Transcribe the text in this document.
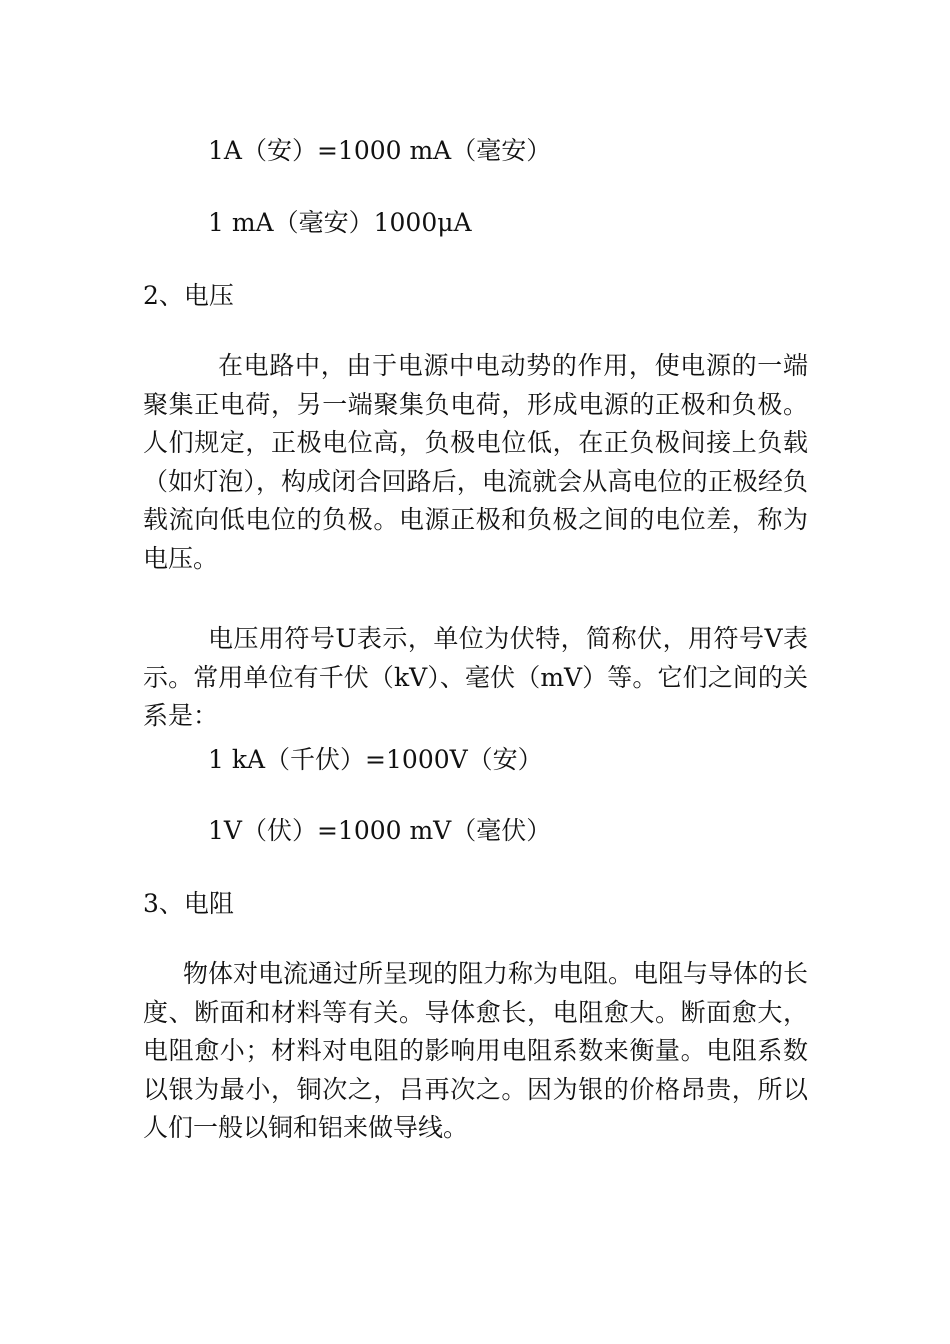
1A（安）=1000 mA（毫安）
1 mA（毫安）1000μA
2、电压
在电路中，由于电源中电动势的作用，使电源的一端聚集正电荷，另一端聚集负电荷，形成电源的正极和负极。人们规定，正极电位高，负极电位低，在正负极间接上负载（如灯泡），构成闭合回路后，电流就会从高电位的正极经负载流向低电位的负极。电源正极和负极之间的电位差，称为电压。
电压用符号U表示，单位为伏特，简称伏，用符号V表示。常用单位有千伏（kV）、毫伏（mV）等。它们之间的关系是：
1 kA（千伏）=1000V（安）
1V（伏）=1000 mV（毫伏）
3、电阻
物体对电流通过所呈现的阻力称为电阻。电阻与导体的长度、断面和材料等有关。导体愈长，电阻愈大。断面愈大，电阻愈小；材料对电阻的影响用电阻系数来衡量。电阻系数以银为最小，铜次之，吕再次之。因为银的价格昂贵，所以人们一般以铜和铝来做导线。
